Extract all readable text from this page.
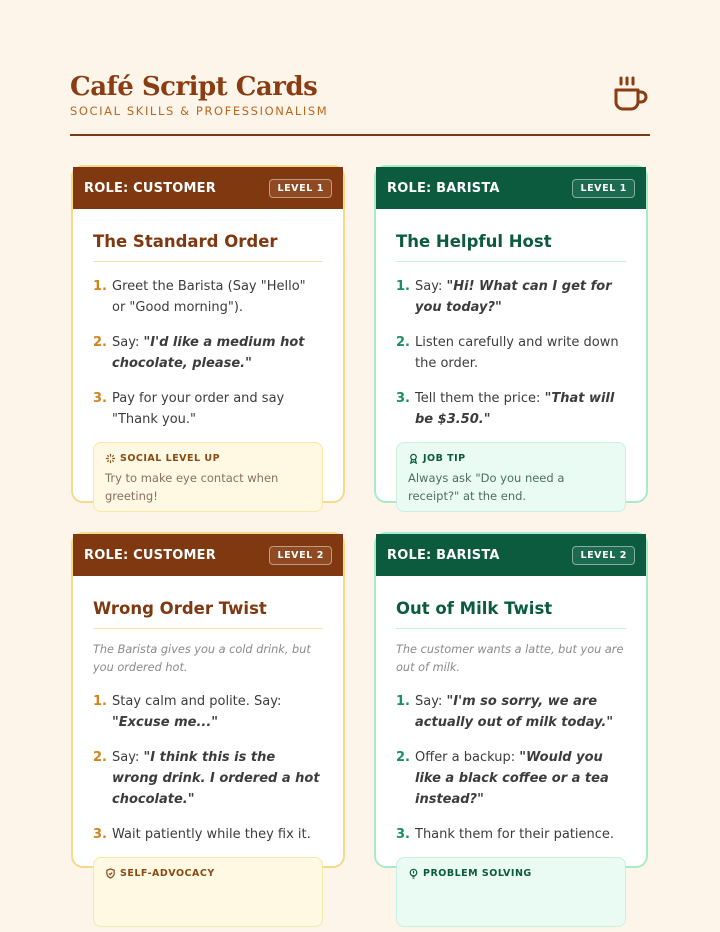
Café Script Cards
SOCIAL SKILLS & PROFESSIONALISM
ROLE: CUSTOMER	LEVEL 1
The Standard Order
1. Greet the Barista (Say "Hello" or "Good morning").
2. Say: "I'd like a medium hot chocolate, please."
3. Pay for your order and say "Thank you."
SOCIAL LEVEL UP
Try to make eye contact when greeting!
ROLE: BARISTA	LEVEL 1
The Helpful Host
1. Say: "Hi! What can I get for you today?"
2. Listen carefully and write down the order.
3. Tell them the price: "That will be $3.50."
JOB TIP
Always ask "Do you need a receipt?" at the end.
ROLE: CUSTOMER	LEVEL 2
Wrong Order Twist
The Barista gives you a cold drink, but you ordered hot.
1. Stay calm and polite. Say: "Excuse me..."
2. Say: "I think this is the wrong drink. I ordered a hot chocolate."
3. Wait patiently while they fix it.
SELF-ADVOCACY
ROLE: BARISTA	LEVEL 2
Out of Milk Twist
The customer wants a latte, but you are out of milk.
1. Say: "I'm so sorry, we are actually out of milk today."
2. Offer a backup: "Would you like a black coffee or a tea instead?"
3. Thank them for their patience.
PROBLEM SOLVING
